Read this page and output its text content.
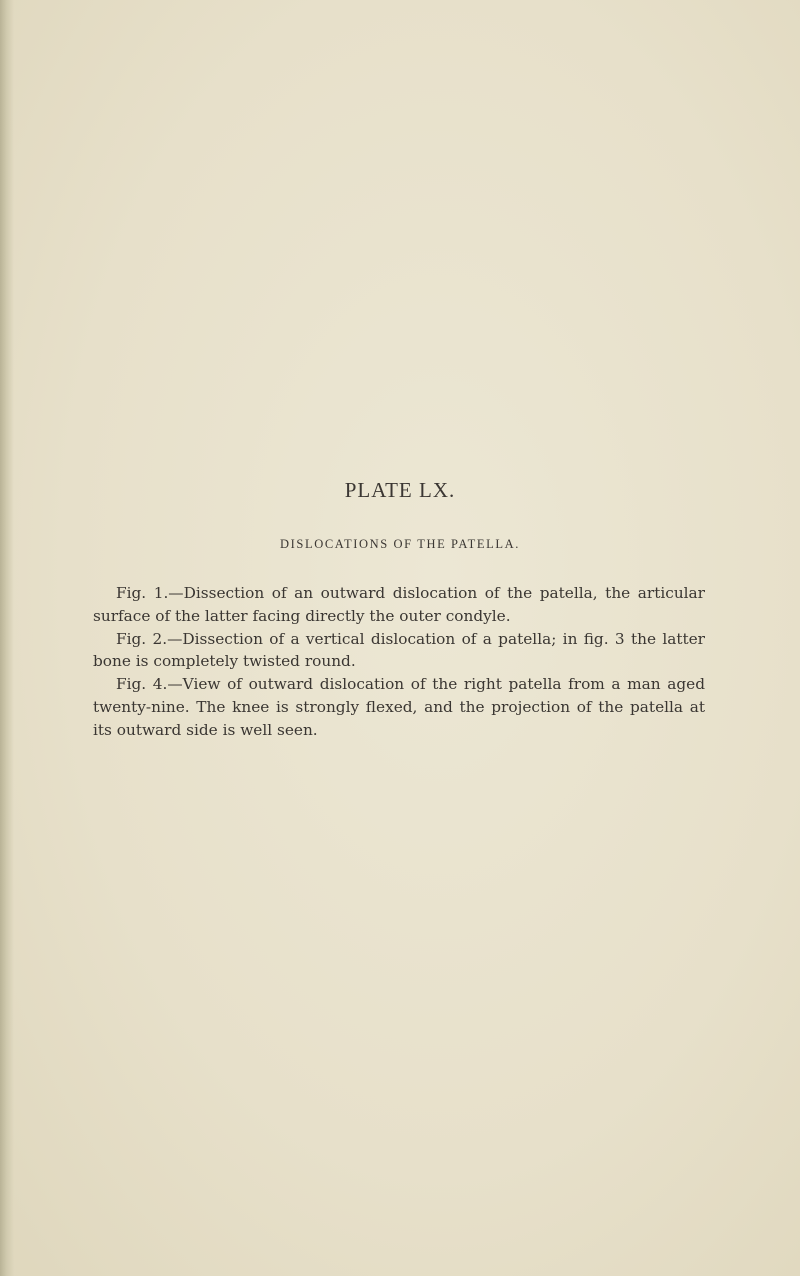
PLATE LX.
DISLOCATIONS OF THE PATELLA.

Fig. 1.—Dissection of an outward dislocation of the patella, the articular surface of the latter facing directly the outer condyle.

Fig. 2.—Dissection of a vertical dislocation of a patella; in fig. 3 the latter bone is completely twisted round.

Fig. 4.—View of outward dislocation of the right patella from a man aged twenty-nine. The knee is strongly flexed, and the projection of the patella at its outward side is well seen.
